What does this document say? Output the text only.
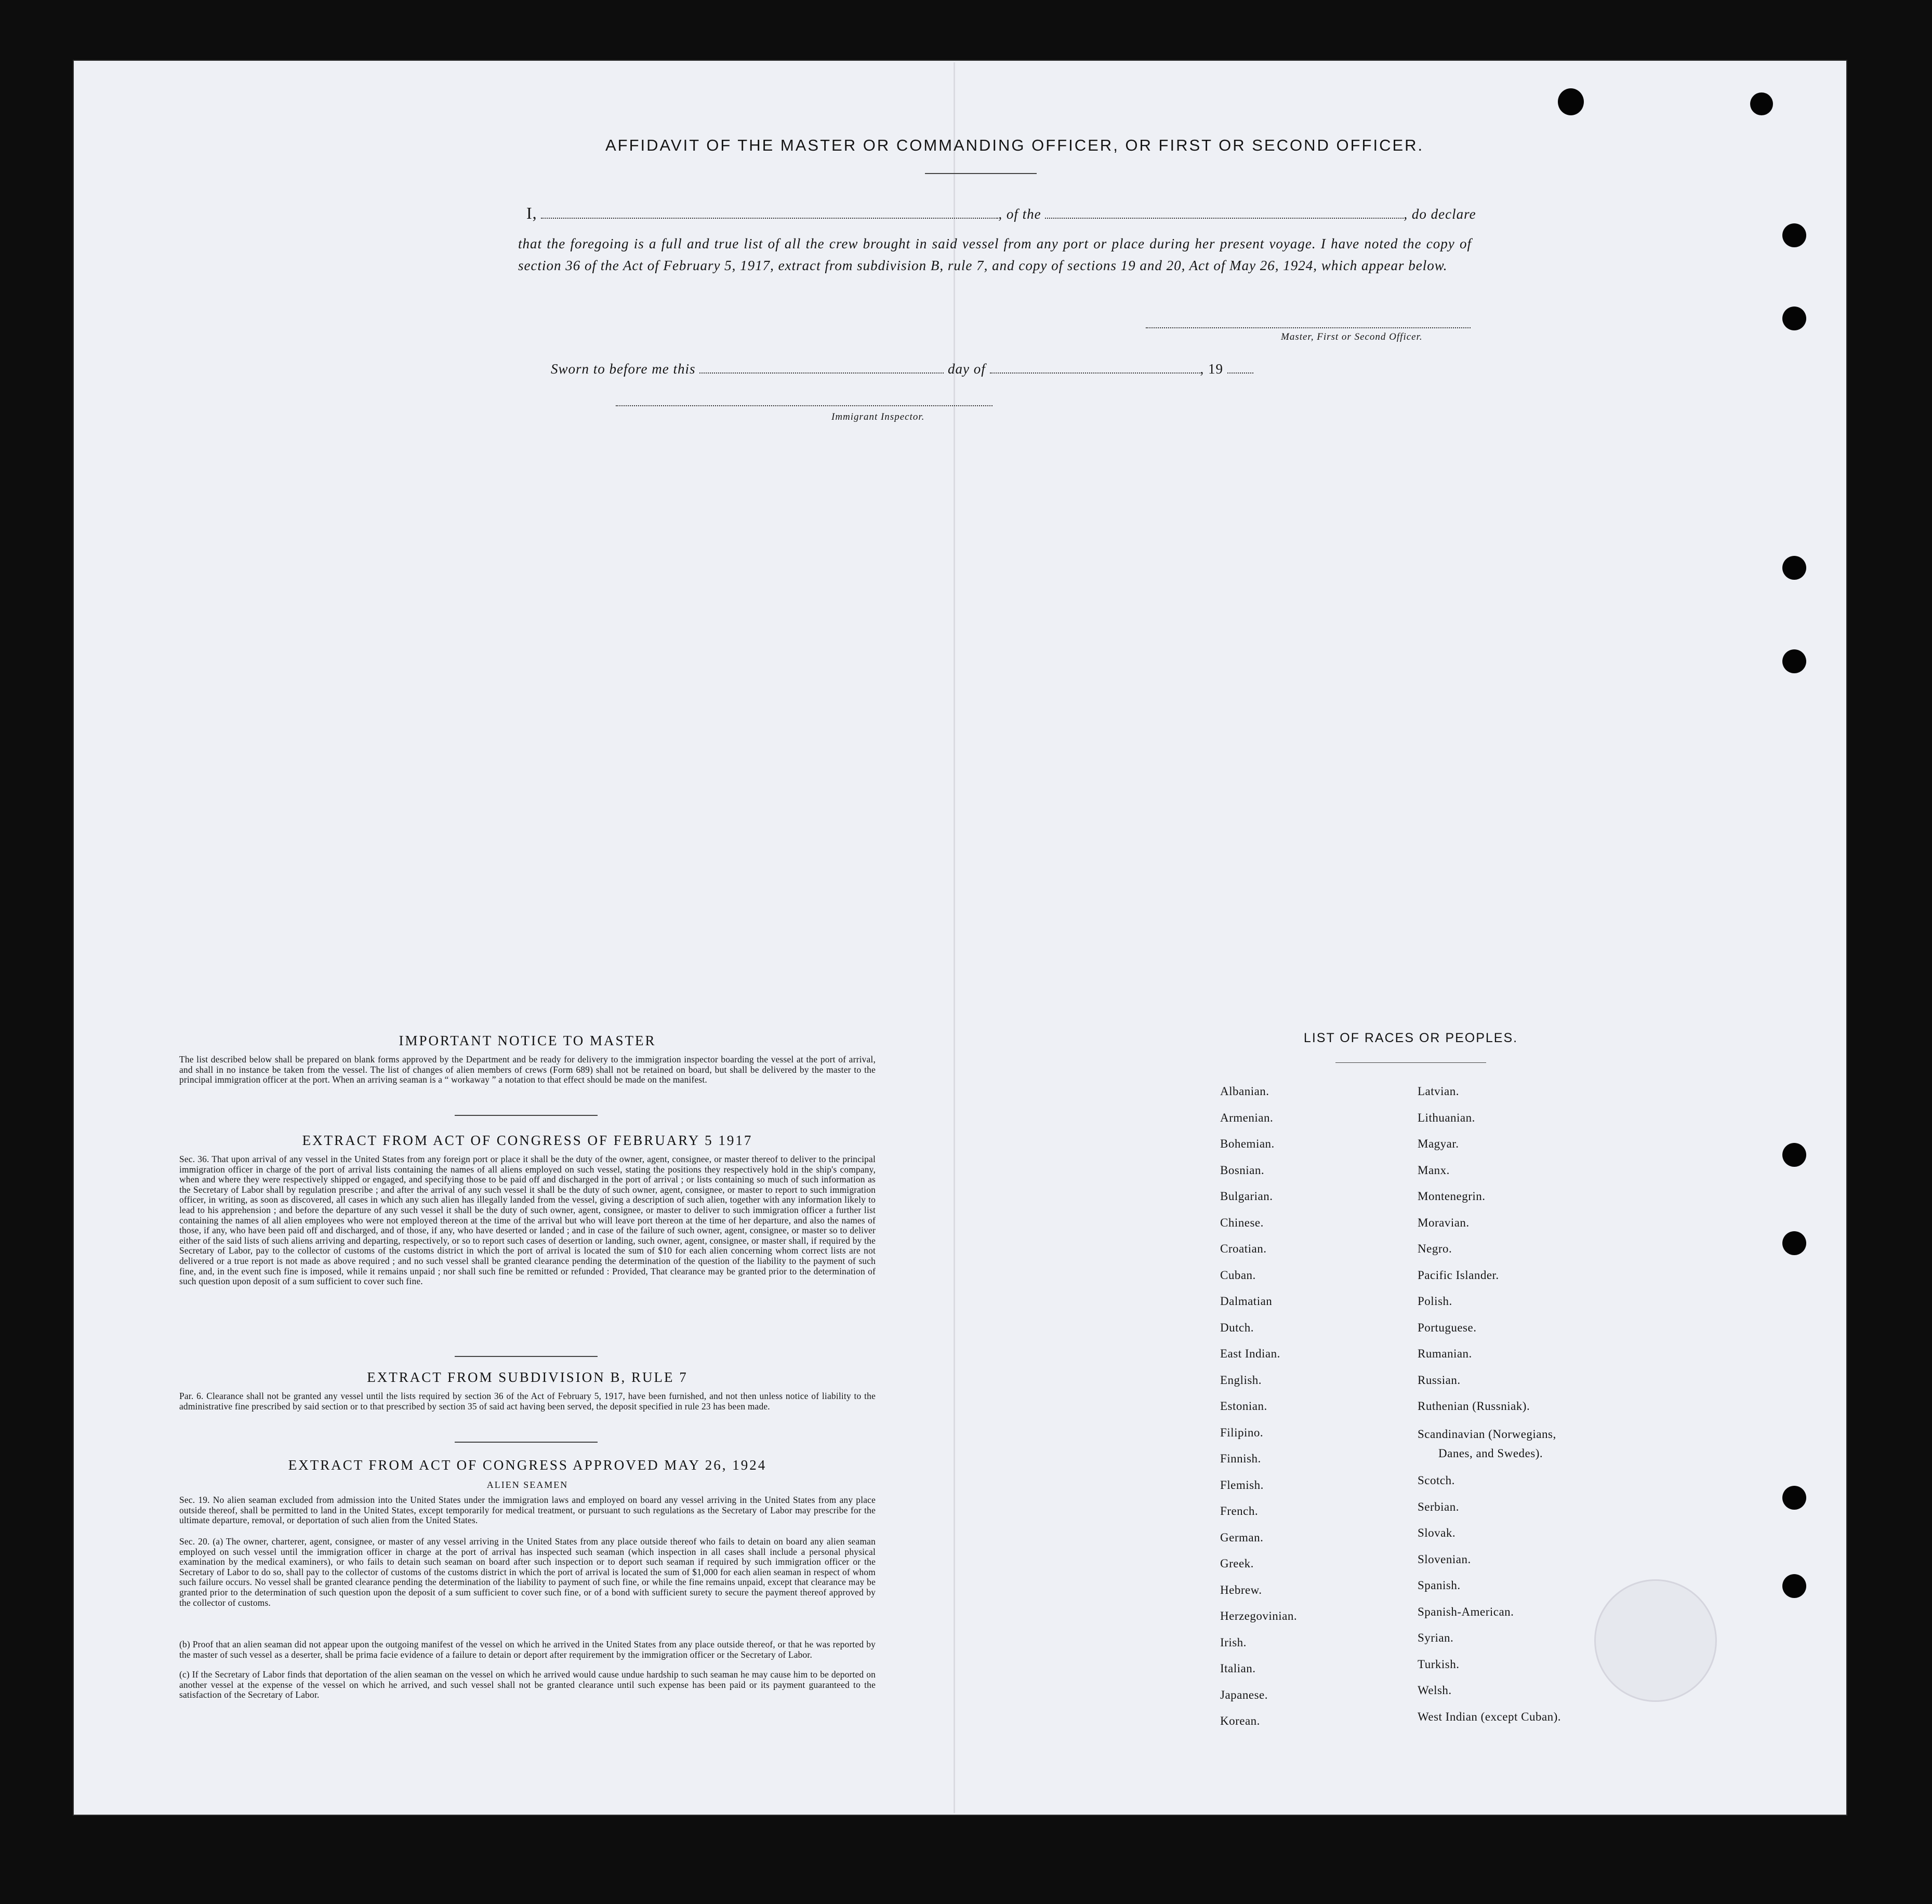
AFFIDAVIT OF THE MASTER OR COMMANDING OFFICER, OR FIRST OR SECOND OFFICER.
I,	, of the	, do declare
that the foregoing is a full and true list of all the crew brought in said vessel from any port or place during her present voyage. I have noted the copy of section 36 of the Act of February 5, 1917, extract from subdivision B, rule 7, and copy of sections 19 and 20, Act of May 26, 1924, which appear below.
Master, First or Second Officer.
Sworn to before me this	day of	, 19
Immigrant Inspector.
IMPORTANT NOTICE TO MASTER
The list described below shall be prepared on blank forms approved by the Department and be ready for delivery to the immigration inspector boarding the vessel at the port of arrival, and shall in no instance be taken from the vessel. The list of changes of alien members of crews (Form 689) shall not be retained on board, but shall be delivered by the master to the principal immigration officer at the port. When an arriving seaman is a “ workaway ” a notation to that effect should be made on the manifest.
EXTRACT FROM ACT OF CONGRESS OF FEBRUARY 5 1917
Sec. 36. That upon arrival of any vessel in the United States from any foreign port or place it shall be the duty of the owner, agent, consignee, or master thereof to deliver to the principal immigration officer in charge of the port of arrival lists containing the names of all aliens employed on such vessel, stating the positions they respectively hold in the ship's company, when and where they were respectively shipped or engaged, and specifying those to be paid off and discharged in the port of arrival ; or lists containing so much of such information as the Secretary of Labor shall by regulation prescribe ; and after the arrival of any such vessel it shall be the duty of such owner, agent, consignee, or master to report to such immigration officer, in writing, as soon as discovered, all cases in which any such alien has illegally landed from the vessel, giving a description of such alien, together with any information likely to lead to his apprehension ; and before the departure of any such vessel it shall be the duty of such owner, agent, consignee, or master to deliver to such immigration officer a further list containing the names of all alien employees who were not employed thereon at the time of the arrival but who will leave port thereon at the time of her departure, and also the names of those, if any, who have been paid off and discharged, and of those, if any, who have deserted or landed ; and in case of the failure of such owner, agent, consignee, or master so to deliver either of the said lists of such aliens arriving and departing, respectively, or so to report such cases of desertion or landing, such owner, agent, consignee, or master shall, if required by the Secretary of Labor, pay to the collector of customs of the customs district in which the port of arrival is located the sum of $10 for each alien concerning whom correct lists are not delivered or a true report is not made as above required ; and no such vessel shall be granted clearance pending the determination of the question of the liability to the payment of such fine, and, in the event such fine is imposed, while it remains unpaid ; nor shall such fine be remitted or refunded : Provided, That clearance may be granted prior to the determination of such question upon deposit of a sum sufficient to cover such fine.
EXTRACT FROM SUBDIVISION B, RULE 7
Par. 6. Clearance shall not be granted any vessel until the lists required by section 36 of the Act of February 5, 1917, have been furnished, and not then unless notice of liability to the administrative fine prescribed by said section or to that prescribed by section 35 of said act having been served, the deposit specified in rule 23 has been made.
EXTRACT FROM ACT OF CONGRESS APPROVED MAY 26, 1924
ALIEN SEAMEN
Sec. 19. No alien seaman excluded from admission into the United States under the immigration laws and employed on board any vessel arriving in the United States from any place outside thereof, shall be permitted to land in the United States, except temporarily for medical treatment, or pursuant to such regulations as the Secretary of Labor may prescribe for the ultimate departure, removal, or deportation of such alien from the United States.
Sec. 20. (a) The owner, charterer, agent, consignee, or master of any vessel arriving in the United States from any place outside thereof who fails to detain on board any alien seaman employed on such vessel until the immigration officer in charge at the port of arrival has inspected such seaman (which inspection in all cases shall include a personal physical examination by the medical examiners), or who fails to detain such seaman on board after such inspection or to deport such seaman if required by such immigration officer or the Secretary of Labor to do so, shall pay to the collector of customs of the customs district in which the port of arrival is located the sum of $1,000 for each alien seaman in respect of whom such failure occurs. No vessel shall be granted clearance pending the determination of the liability to payment of such fine, or while the fine remains unpaid, except that clearance may be granted prior to the determination of such question upon the deposit of a sum sufficient to cover such fine, or of a bond with sufficient surety to secure the payment thereof approved by the collector of customs.
(b) Proof that an alien seaman did not appear upon the outgoing manifest of the vessel on which he arrived in the United States from any place outside thereof, or that he was reported by the master of such vessel as a deserter, shall be prima facie evidence of a failure to detain or deport after requirement by the immigration officer or the Secretary of Labor.
(c) If the Secretary of Labor finds that deportation of the alien seaman on the vessel on which he arrived would cause undue hardship to such seaman he may cause him to be deported on another vessel at the expense of the vessel on which he arrived, and such vessel shall not be granted clearance until such expense has been paid or its payment guaranteed to the satisfaction of the Secretary of Labor.
LIST OF RACES OR PEOPLES.
Albanian.
Armenian.
Bohemian.
Bosnian.
Bulgarian.
Chinese.
Croatian.
Cuban.
Dalmatian
Dutch.
East Indian.
English.
Estonian.
Filipino.
Finnish.
Flemish.
French.
German.
Greek.
Hebrew.
Herzegovinian.
Irish.
Italian.
Japanese.
Korean.
Latvian.
Lithuanian.
Magyar.
Manx.
Montenegrin.
Moravian.
Negro.
Pacific Islander.
Polish.
Portuguese.
Rumanian.
Russian.
Ruthenian (Russniak).
Scandinavian (Norwegians,
Danes, and Swedes).
Scotch.
Serbian.
Slovak.
Slovenian.
Spanish.
Spanish-American.
Syrian.
Turkish.
Welsh.
West Indian (except Cuban).
